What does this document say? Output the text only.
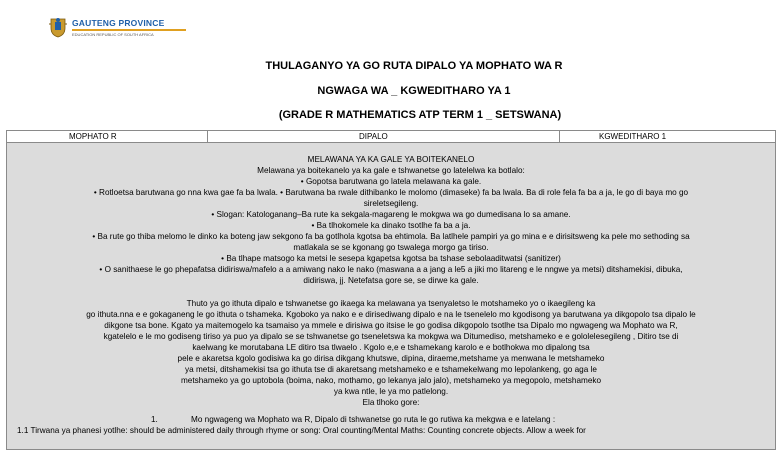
GAUTENG PROVINCE
EDUCATION REPUBLIC OF SOUTH AFRICA
THULAGANYO YA GO RUTA DIPALO YA MOPHATO WA R
NGWAGA WA _ KGWEDITHARO YA 1
(GRADE R MATHEMATICS ATP TERM 1 _ SETSWANA)
MOPHATO R	DIPALO	KGWEDITHARO 1
MELAWANA YA KA GALE YA BOITEKANELO
Melawana ya boitekanelo ya ka gale e tshwanetse go latelelwa ka botlalo:
• Gopotsa barutwana go latela melawana ka gale.
• Rotloetsa barutwana go nna kwa gae fa ba lwala. • Barutwana ba rwale dithibanko le molomo (dimaseke) fa ba lwala. Ba di role fela fa ba a ja, le go di baya mo go
sireletsegileng.
• Slogan: Katologanang–Ba rute ka sekgala-magareng le mokgwa wa go dumedisana lo sa amane.
• Ba tlhokomele ka dinako tsotlhe fa ba a ja.
• Ba rute go thiba melomo le dinko ka boteng jaw sekgono fa ba gotlhola kgotsa ba ehtimola. Ba latlhele pampiri ya go mina e e dirisitsweng ka pele mo sethoding sa
matlakala se se kgonang go tswalega morgo ga tiriso.
• Ba tlhape matsogo ka metsi le sesepa kgapetsa kgotsa ba tshase sebolaaditwatsi (sanitizer)
• O sanithaese le go phepafatsa didiriswa/mafelo a a amiwang nako le nako (maswana a a jang a le5 a jiki mo litareng e le nngwe ya metsi) ditshamekisi, dibuka,
didiriswa, jj. Netefatsa gore se, se dirwe ka gale.
Thuto ya go ithuta dipalo e tshwanetse go ikaega ka melawana ya tsenyaletso le motshameko yo o ikaegileng ka
go ithuta.nna e e gokaganeng le go ithuta o tshameka. Kgoboko ya nako e e dirisediwang dipalo e na le tsenelelo mo kgodisong ya barutwana ya dikgopolo tsa dipalo le
dikgone tsa bone. Kgato ya maitemogelo ka tsamaiso ya mmele e dirisiwa go itsise le go godisa dikgopolo tsotlhe tsa Dipalo mo ngwageng wa Mophato wa R,
kgatelelo e le mo godiseng tiriso ya puo ya dipalo se se tshwanetse go tseneletswa ka mokgwa wa Ditumediso, metshameko e e gololelesegileng , Ditiro tse di
kaelwang ke morutabana LE ditiro tsa tlwaelo . Kgolo e,e e tshamekang karolo e e botlhokwa mo dipalong tsa
pele e akaretsa kgolo godisiwa ka go dirisa dikgang khutswe, dipina, diraeme,metshame ya menwana le metshameko
ya metsi, ditshamekisi tsa go ithuta tse di akaretsang metshameko e e tshamekelwang mo lepolankeng, go aga le
metshameko ya go uptobola (boima, nako, mothamo, go lekanya jalo jalo), metshameko ya megopolo, metshameko
ya kwa ntle, le ya mo patlelong.
Ela tlhoko gore:
1.	Mo ngwageng wa Mophato wa R, Dipalo di tshwanetse go ruta le go rutiwa ka mekgwa e e latelang :
1.1 Tirwana ya phanesi yotlhe: should be administered daily through rhyme or song: Oral counting/Mental Maths: Counting concrete objects. Allow a week for
